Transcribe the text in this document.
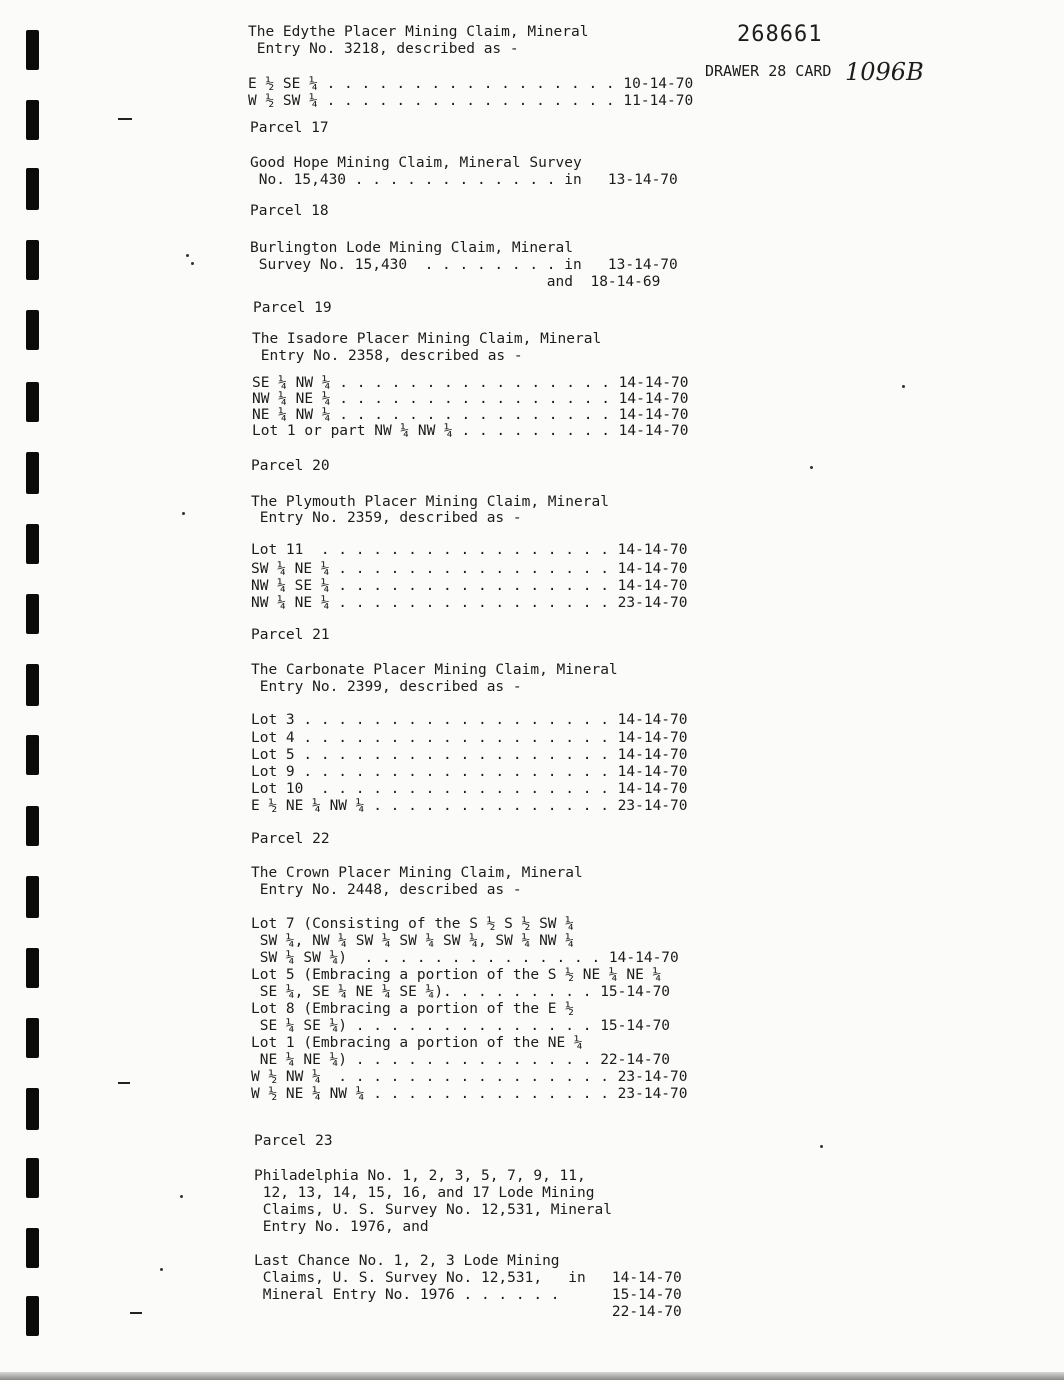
268661
DRAWER 28 CARD 1096B
The Edythe Placer Mining Claim, Mineral
Entry No. 3218, described as -
E ½ SE ¼ . . . . . . . . . . . . . . . . . 10-14-70
W ½ SW ¼ . . . . . . . . . . . . . . . . . 11-14-70
Parcel 17
Good Hope Mining Claim, Mineral Survey
No. 15,430 . . . . . . . . . . . . in   13-14-70
Parcel 18
Burlington Lode Mining Claim, Mineral
Survey No. 15,430  . . . . . . . . in   13-14-70
and  18-14-69
Parcel 19
The Isadore Placer Mining Claim, Mineral
Entry No. 2358, described as -
SE ¼ NW ¼ . . . . . . . . . . . . . . . . 14-14-70
NW ¼ NE ¼ . . . . . . . . . . . . . . . . 14-14-70
NE ¼ NW ¼ . . . . . . . . . . . . . . . . 14-14-70
Lot 1 or part NW ¼ NW ¼ . . . . . . . . . 14-14-70
Parcel 20
The Plymouth Placer Mining Claim, Mineral
Entry No. 2359, described as -
Lot 11  . . . . . . . . . . . . . . . . . 14-14-70
SW ¼ NE ¼ . . . . . . . . . . . . . . . . 14-14-70
NW ¼ SE ¼ . . . . . . . . . . . . . . . . 14-14-70
NW ¼ NE ¼ . . . . . . . . . . . . . . . . 23-14-70
Parcel 21
The Carbonate Placer Mining Claim, Mineral
Entry No. 2399, described as -
Lot 3 . . . . . . . . . . . . . . . . . . 14-14-70
Lot 4 . . . . . . . . . . . . . . . . . . 14-14-70
Lot 5 . . . . . . . . . . . . . . . . . . 14-14-70
Lot 9 . . . . . . . . . . . . . . . . . . 14-14-70
Lot 10  . . . . . . . . . . . . . . . . . 14-14-70
E ½ NE ¼ NW ¼ . . . . . . . . . . . . . . 23-14-70
Parcel 22
The Crown Placer Mining Claim, Mineral
Entry No. 2448, described as -
Lot 7 (Consisting of the S ½ S ½ SW ¼
SW ¼, NW ¼ SW ¼ SW ¼ SW ¼, SW ¼ NW ¼
SW ¼ SW ¼)  . . . . . . . . . . . . . . 14-14-70
Lot 5 (Embracing a portion of the S ½ NE ¼ NE ¼
SE ¼, SE ¼ NE ¼ SE ¼). . . . . . . . . 15-14-70
Lot 8 (Embracing a portion of the E ½
SE ¼ SE ¼) . . . . . . . . . . . . . . 15-14-70
Lot 1 (Embracing a portion of the NE ¼
NE ¼ NE ¼) . . . . . . . . . . . . . . 22-14-70
W ½ NW ¼  . . . . . . . . . . . . . . . . 23-14-70
W ½ NE ¼ NW ¼ . . . . . . . . . . . . . . 23-14-70
Parcel 23
Philadelphia No. 1, 2, 3, 5, 7, 9, 11,
12, 13, 14, 15, 16, and 17 Lode Mining
Claims, U. S. Survey No. 12,531, Mineral
Entry No. 1976, and
Last Chance No. 1, 2, 3 Lode Mining
Claims, U. S. Survey No. 12,531,   in   14-14-70
Mineral Entry No. 1976 . . . . . .      15-14-70
22-14-70
